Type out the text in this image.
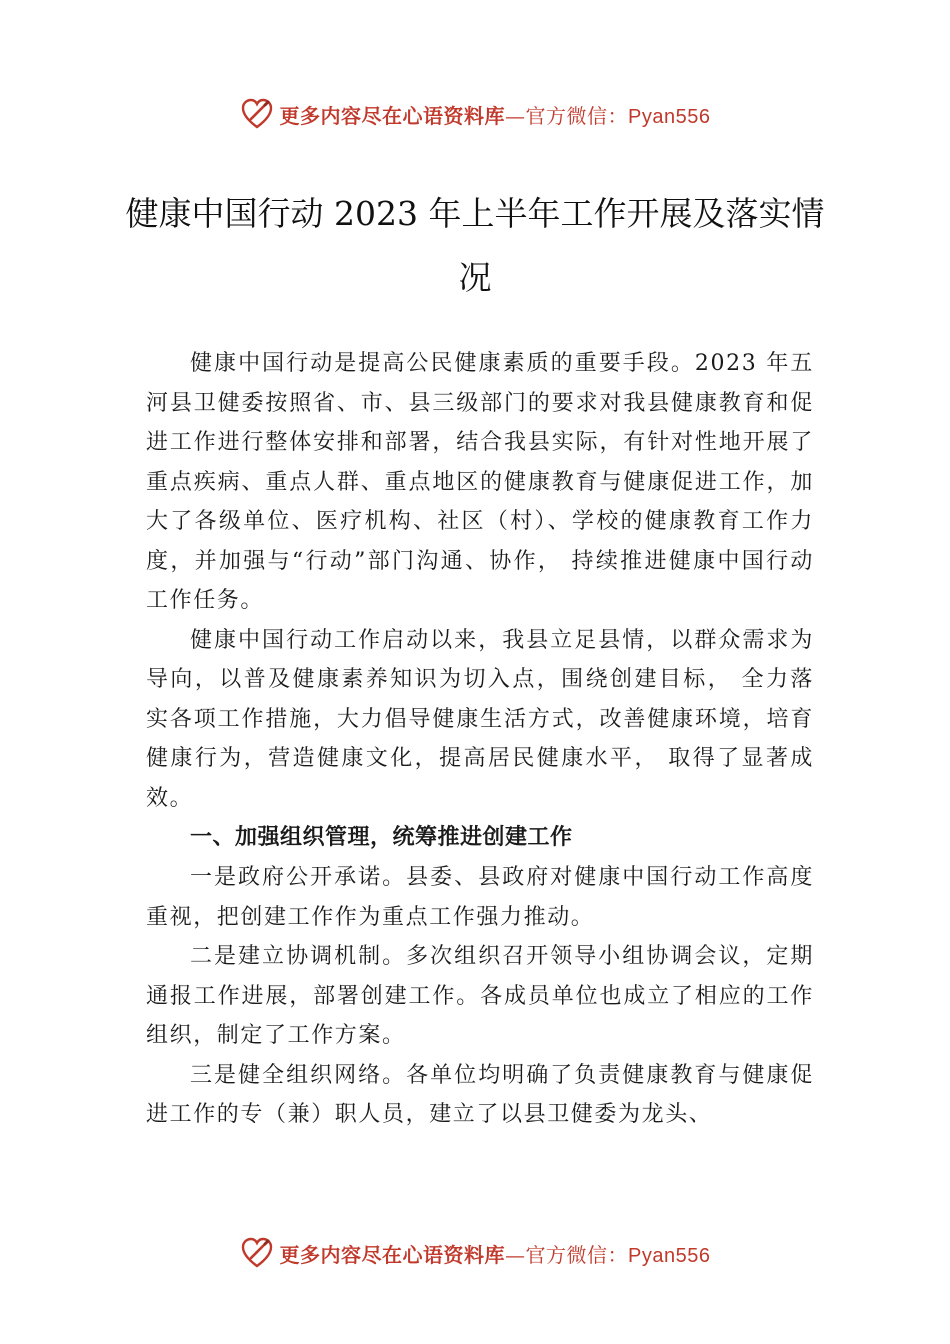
更多内容尽在心语资料库—官方微信：Pyan556
健康中国行动 2023 年上半年工作开展及落实情况

健康中国行动是提高公民健康素质的重要手段。2023 年五河县卫健委按照省、市、县三级部门的要求对我县健康教育和促进工作进行整体安排和部署，结合我县实际，有针对性地开展了重点疾病、重点人群、重点地区的健康教育与健康促进工作，加大了各级单位、医疗机构、社区（村）、学校的健康教育工作力度，并加强与“行动”部门沟通、协作， 持续推进健康中国行动工作任务。

健康中国行动工作启动以来，我县立足县情，以群众需求为导向，以普及健康素养知识为切入点，围绕创建目标， 全力落实各项工作措施，大力倡导健康生活方式，改善健康环境，培育健康行为，营造健康文化，提高居民健康水平， 取得了显著成效。

一、加强组织管理，统筹推进创建工作

一是政府公开承诺。县委、县政府对健康中国行动工作高度重视，把创建工作作为重点工作强力推动。

二是建立协调机制。多次组织召开领导小组协调会议，定期通报工作进展，部署创建工作。各成员单位也成立了相应的工作组织，制定了工作方案。

三是健全组织网络。各单位均明确了负责健康教育与健康促进工作的专（兼）职人员，建立了以县卫健委为龙头、

更多内容尽在心语资料库—官方微信：Pyan556
